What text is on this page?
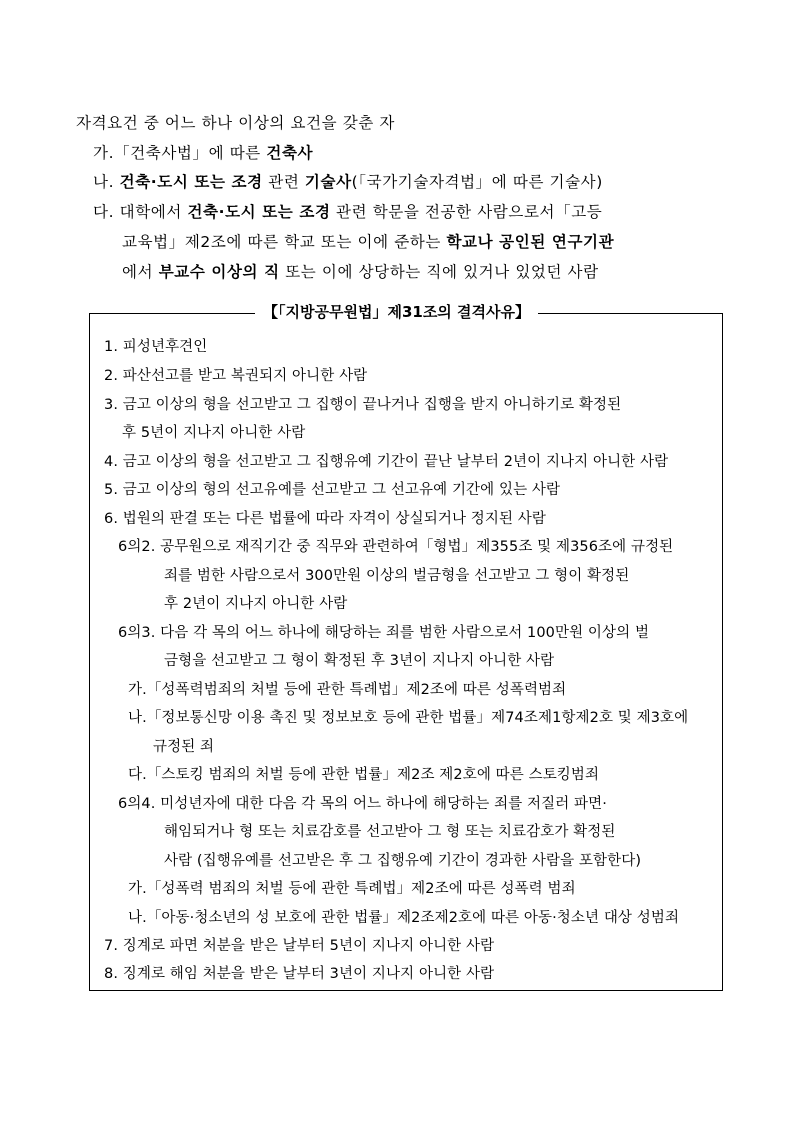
자격요건 중 어느 하나 이상의 요건을 갖춘 자
가.「건축사법」에 따른 건축사
나. 건축·도시 또는 조경 관련 기술사(「국가기술자격법」에 따른 기술사)
다. 대학에서 건축·도시 또는 조경 관련 학문을 전공한 사람으로서「고등
교육법」제2조에 따른 학교 또는 이에 준하는 학교나 공인된 연구기관
에서 부교수 이상의 직 또는 이에 상당하는 직에 있거나 있었던 사람
【「지방공무원법」제31조의 결격사유】
1. 피성년후견인
2. 파산선고를 받고 복권되지 아니한 사람
3. 금고 이상의 형을 선고받고 그 집행이 끝나거나 집행을 받지 아니하기로 확정된
후 5년이 지나지 아니한 사람
4. 금고 이상의 형을 선고받고 그 집행유예 기간이 끝난 날부터 2년이 지나지 아니한 사람
5. 금고 이상의 형의 선고유예를 선고받고 그 선고유예 기간에 있는 사람
6. 법원의 판결 또는 다른 법률에 따라 자격이 상실되거나 정지된 사람
6의2. 공무원으로 재직기간 중 직무와 관련하여「형법」제355조 및 제356조에 규정된
죄를 범한 사람으로서 300만원 이상의 벌금형을 선고받고 그 형이 확정된
후 2년이 지나지 아니한 사람
6의3. 다음 각 목의 어느 하나에 해당하는 죄를 범한 사람으로서 100만원 이상의 벌
금형을 선고받고 그 형이 확정된 후 3년이 지나지 아니한 사람
가.「성폭력범죄의 처벌 등에 관한 특례법」제2조에 따른 성폭력범죄
나.「정보통신망 이용 촉진 및 정보보호 등에 관한 법률」제74조제1항제2호 및 제3호에
규정된 죄
다.「스토킹 범죄의 처벌 등에 관한 법률」제2조 제2호에 따른 스토킹범죄
6의4. 미성년자에 대한 다음 각 목의 어느 하나에 해당하는 죄를 저질러 파면·
해임되거나 형 또는 치료감호를 선고받아 그 형 또는 치료감호가 확정된
사람 (집행유예를 선고받은 후 그 집행유예 기간이 경과한 사람을 포함한다)
가.「성폭력 범죄의 처벌 등에 관한 특례법」제2조에 따른 성폭력 범죄
나.「아동·청소년의 성 보호에 관한 법률」제2조제2호에 따른 아동·청소년 대상 성범죄
7. 징계로 파면 처분을 받은 날부터 5년이 지나지 아니한 사람
8. 징계로 해임 처분을 받은 날부터 3년이 지나지 아니한 사람
